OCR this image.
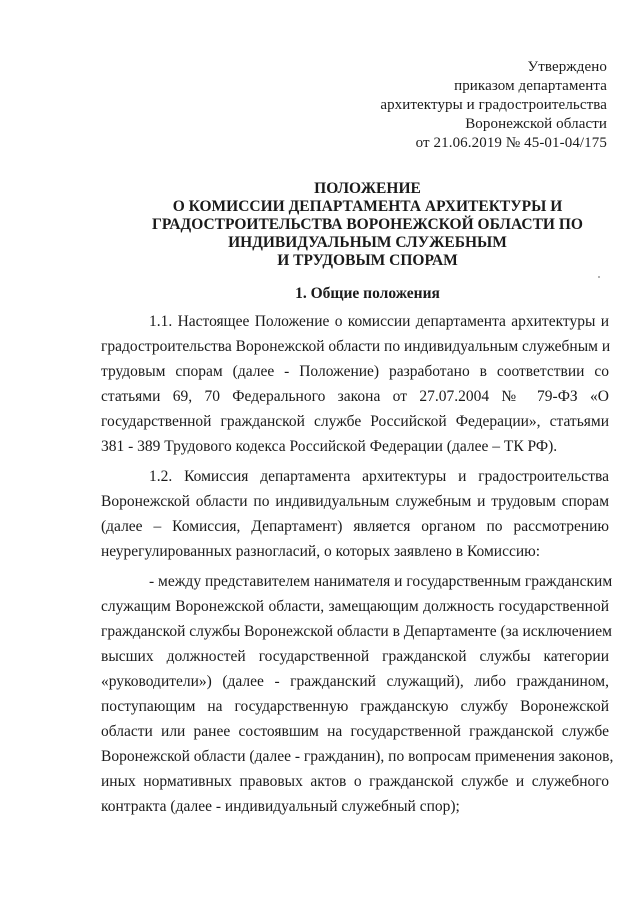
Утверждено
приказом департамента
архитектуры и градостроительства
Воронежской области
от 21.06.2019 № 45-01-04/175
ПОЛОЖЕНИЕ
О КОМИССИИ ДЕПАРТАМЕНТА АРХИТЕКТУРЫ И
ГРАДОСТРОИТЕЛЬСТВА ВОРОНЕЖСКОЙ ОБЛАСТИ ПО
ИНДИВИДУАЛЬНЫМ СЛУЖЕБНЫМ
И ТРУДОВЫМ СПОРАМ
1. Общие положения
1.1. Настоящее Положение о комиссии департамента архитектуры и
градостроительства Воронежской области по индивидуальным служебным и
трудовым спорам (далее - Положение) разработано в соответствии со
статьями 69, 70 Федерального закона от 27.07.2004 № 79-ФЗ «О
государственной гражданской службе Российской Федерации», статьями
381 - 389 Трудового кодекса Российской Федерации (далее – ТК РФ).
1.2. Комиссия департамента архитектуры и градостроительства
Воронежской области по индивидуальным служебным и трудовым спорам
(далее – Комиссия, Департамент) является органом по рассмотрению
неурегулированных разногласий, о которых заявлено в Комиссию:
- между представителем нанимателя и государственным гражданским
служащим Воронежской области, замещающим должность государственной
гражданской службы Воронежской области в Департаменте (за исключением
высших должностей государственной гражданской службы категории
«руководители») (далее - гражданский служащий), либо гражданином,
поступающим на государственную гражданскую службу Воронежской
области или ранее состоявшим на государственной гражданской службе
Воронежской области (далее - гражданин), по вопросам применения законов,
иных нормативных правовых актов о гражданской службе и служебного
контракта (далее - индивидуальный служебный спор);
